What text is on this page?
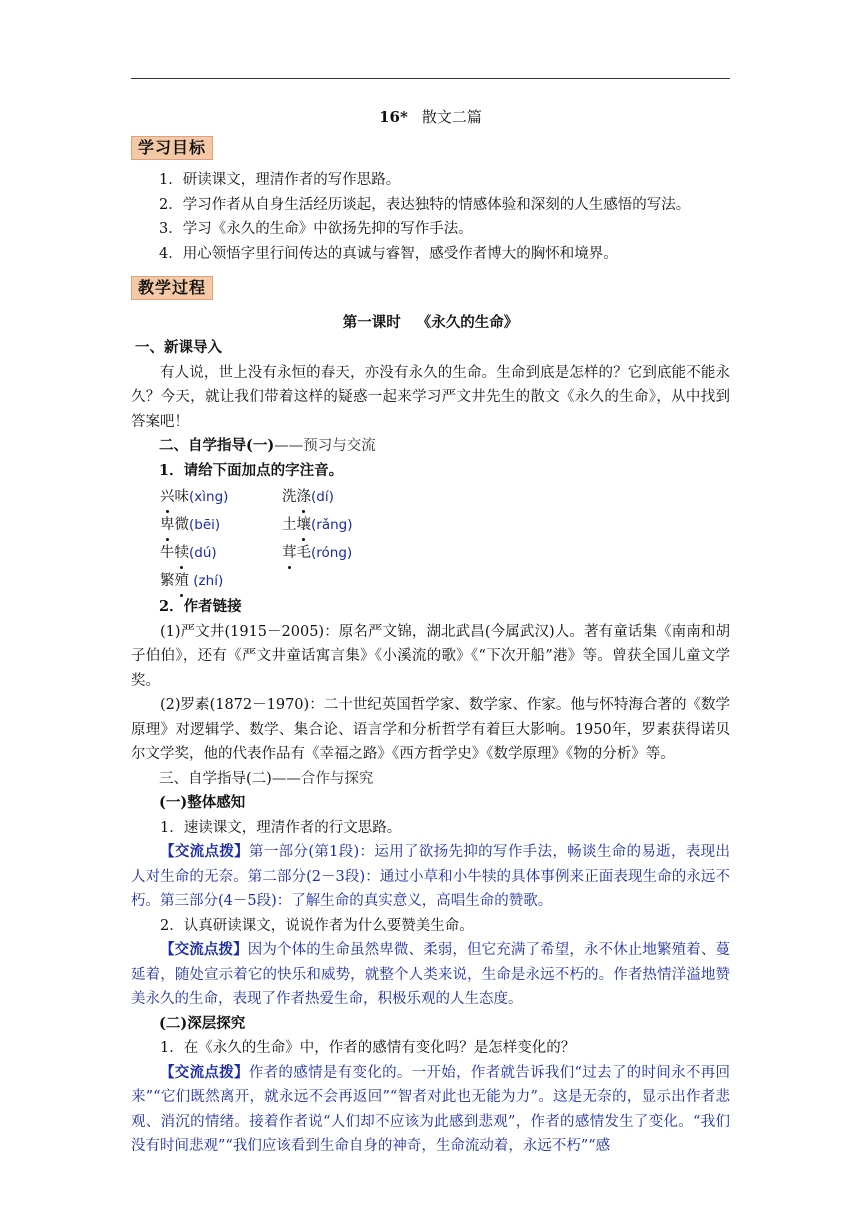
16* 散文二篇
学习目标
1．研读课文，理清作者的写作思路。
2．学习作者从自身生活经历谈起，表达独特的情感体验和深刻的人生感悟的写法。
3．学习《永久的生命》中欲扬先抑的写作手法。
4．用心领悟字里行间传达的真诚与睿智，感受作者博大的胸怀和境界。
教学过程
第一课时 《永久的生命》
一、新课导入

有人说，世上没有永恒的春天，亦没有永久的生命。生命到底是怎样的？它到底能不能永久？今天，就让我们带着这样的疑惑一起来学习严文井先生的散文《永久的生命》，从中找到答案吧！

二、自学指导(一)——预习与交流
1．请给下面加点的字注音。
兴味(xìng)	洗涤(dí)
卑微(bēi)	土壤(rǎng)
牛犊(dú)	茸毛(róng)
繁殖 (zhí)
2．作者链接

(1)严文井(1915－2005)：原名严文锦，湖北武昌(今属武汉)人。著有童话集《南南和胡子伯伯》，还有《严文井童话寓言集》《小溪流的歌》《“下次开船”港》等。曾获全国儿童文学奖。

(2)罗素(1872－1970)：二十世纪英国哲学家、数学家、作家。他与怀特海合著的《数学原理》对逻辑学、数学、集合论、语言学和分析哲学有着巨大影响。1950年，罗素获得诺贝尔文学奖，他的代表作品有《幸福之路》《西方哲学史》《数学原理》《物的分析》等。

三、自学指导(二)——合作与探究
(一)整体感知

1．速读课文，理清作者的行文思路。

【交流点拨】第一部分(第1段)：运用了欲扬先抑的写作手法，畅谈生命的易逝，表现出人对生命的无奈。第二部分(2－3段)：通过小草和小牛犊的具体事例来正面表现生命的永远不朽。第三部分(4－5段)：了解生命的真实意义，高唱生命的赞歌。

2．认真研读课文，说说作者为什么要赞美生命。

【交流点拨】因为个体的生命虽然卑微、柔弱，但它充满了希望，永不休止地繁殖着、蔓延着，随处宣示着它的快乐和威势，就整个人类来说，生命是永远不朽的。作者热情洋溢地赞美永久的生命，表现了作者热爱生命，积极乐观的人生态度。

(二)深层探究

1．在《永久的生命》中，作者的感情有变化吗？是怎样变化的？

【交流点拨】作者的感情是有变化的。一开始，作者就告诉我们“过去了的时间永不再回来”“它们既然离开，就永远不会再返回”“智者对此也无能为力”。这是无奈的，显示出作者悲观、消沉的情绪。接着作者说“人们却不应该为此感到悲观”，作者的感情发生了变化。“我们没有时间悲观”“我们应该看到生命自身的神奇，生命流动着，永远不朽”“感
